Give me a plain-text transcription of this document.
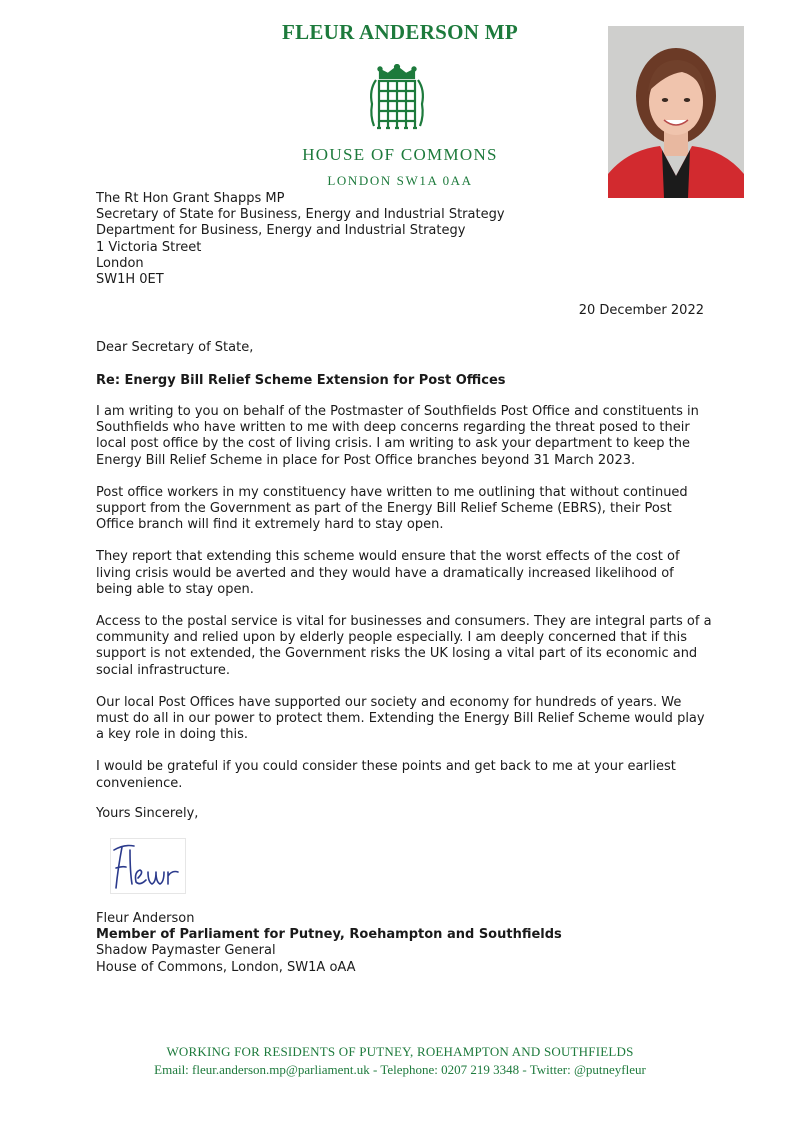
FLEUR ANDERSON MP
HOUSE OF COMMONS
LONDON SW1A 0AA
The Rt Hon Grant Shapps MP
Secretary of State for Business, Energy and Industrial Strategy
Department for Business, Energy and Industrial Strategy
1 Victoria Street
London
SW1H 0ET
20 December 2022
Dear Secretary of State,
Re: Energy Bill Relief Scheme Extension for Post Offices

I am writing to you on behalf of the Postmaster of Southfields Post Office and constituents in Southfields who have written to me with deep concerns regarding the threat posed to their local post office by the cost of living crisis. I am writing to ask your department to keep the Energy Bill Relief Scheme in place for Post Office branches beyond 31 March 2023.

Post office workers in my constituency have written to me outlining that without continued support from the Government as part of the Energy Bill Relief Scheme (EBRS), their Post Office branch will find it extremely hard to stay open.

They report that extending this scheme would ensure that the worst effects of the cost of living crisis would be averted and they would have a dramatically increased likelihood of being able to stay open.

Access to the postal service is vital for businesses and consumers. They are integral parts of a community and relied upon by elderly people especially. I am deeply concerned that if this support is not extended, the Government risks the UK losing a vital part of its economic and social infrastructure.

Our local Post Offices have supported our society and economy for hundreds of years. We must do all in our power to protect them. Extending the Energy Bill Relief Scheme would play a key role in doing this.

I would be grateful if you could consider these points and get back to me at your earliest convenience.

Yours Sincerely,
Fleur Anderson
Member of Parliament for Putney, Roehampton and Southfields
Shadow Paymaster General
House of Commons, London, SW1A oAA
WORKING FOR RESIDENTS OF PUTNEY, ROEHAMPTON AND SOUTHFIELDS
Email: fleur.anderson.mp@parliament.uk - Telephone: 0207 219 3348 - Twitter: @putneyfleur
